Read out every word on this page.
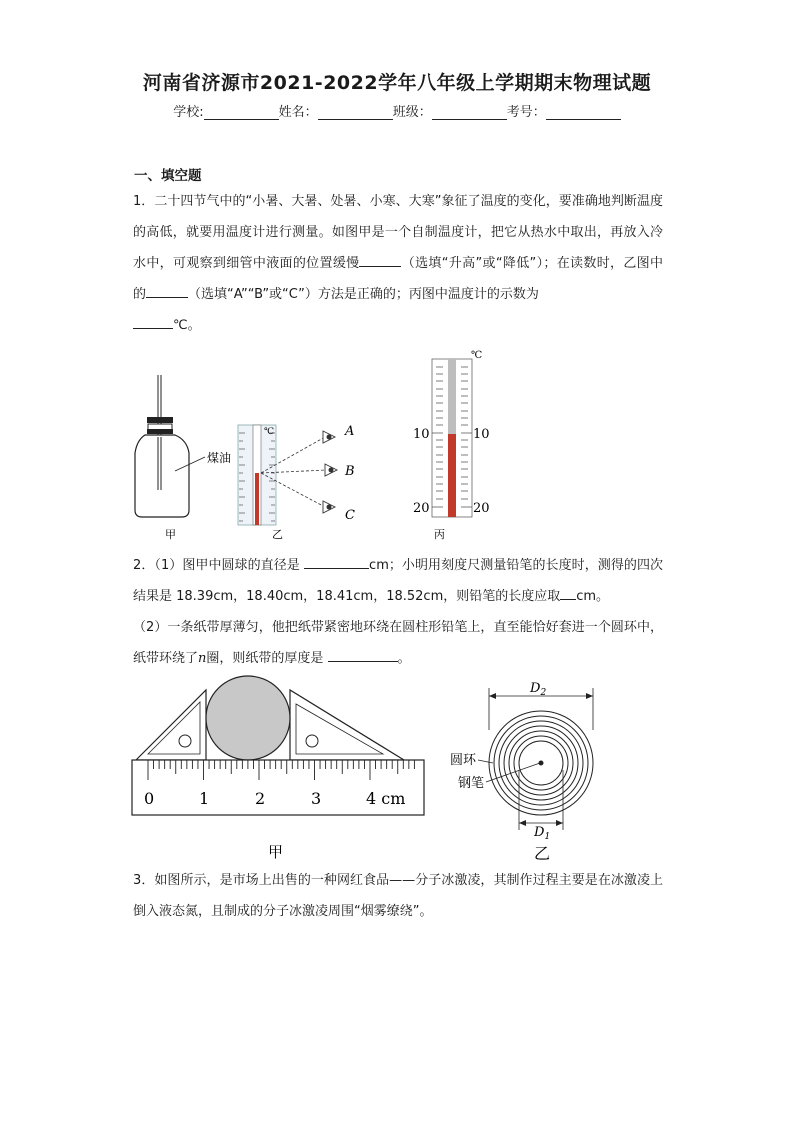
河南省济源市2021-2022学年八年级上学期期末物理试题
学校:	姓名：	班级：	考号：
一、填空题
1．二十四节气中的“小暑、大暑、处暑、小寒、大寒”象征了温度的变化，要准确地判断温度的高低，就要用温度计进行测量。如图甲是一个自制温度计，把它从热水中取出，再放入冷水中，可观察到细管中液面的位置缓慢	（选填“升高”或“降低”）；在读数时，乙图中的	（选填“A”“B”或“C”）方法是正确的；丙图中温度计的示数为
℃。
煤油
甲
℃	A
B
C
乙
℃
10	10
20	20
丙
2．（1）图甲中圆球的直径是	cm；小明用刻度尺测量铅笔的长度时，测得的四次结果是 18.39cm，18.40cm，18.41cm，18.52cm，则铅笔的长度应取 cm。
（2）一条纸带厚薄匀，他把纸带紧密地环绕在圆柱形铅笔上，直至能恰好套进一个圆环中，纸带环绕了n圈，则纸带的厚度是	。
0	1	2	3	4 cm
甲
$D_2$
$D_1$
圆环
钢笔
乙
3．如图所示，是市场上出售的一种网红食品——分子冰激凌，其制作过程主要是在冰激凌上倒入液态氮，且制成的分子冰激凌周围“烟雾缭绕”。
